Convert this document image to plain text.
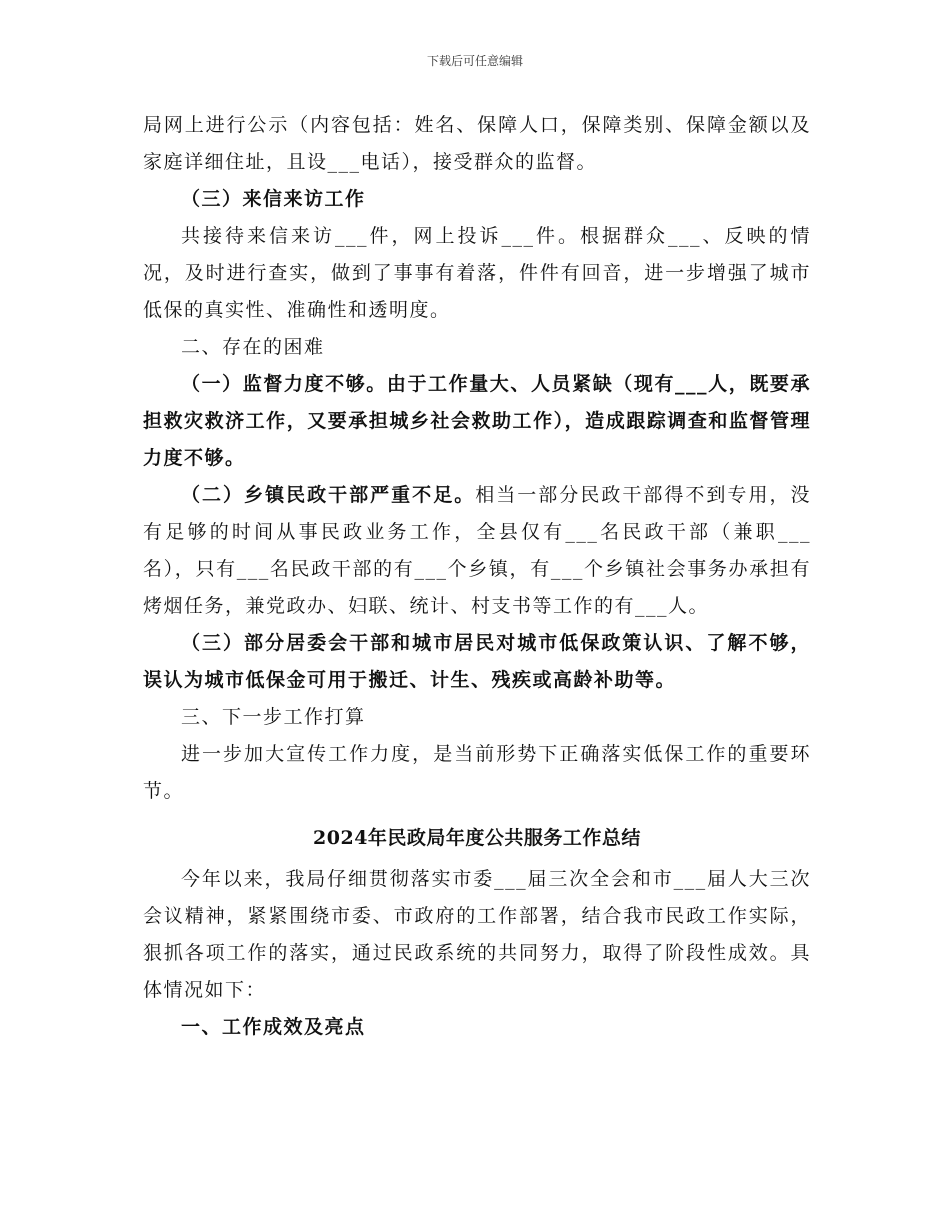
下载后可任意编辑

局网上进行公示（内容包括：姓名、保障人口，保障类别、保障金额以及家庭详细住址，且设___电话），接受群众的监督。

（三）来信来访工作

共接待来信来访___件，网上投诉___件。根据群众___、反映的情况，及时进行查实，做到了事事有着落，件件有回音，进一步增强了城市低保的真实性、准确性和透明度。

二、存在的困难

（一）监督力度不够。由于工作量大、人员紧缺（现有___人，既要承担救灾救济工作，又要承担城乡社会救助工作），造成跟踪调查和监督管理力度不够。

（二）乡镇民政干部严重不足。相当一部分民政干部得不到专用，没有足够的时间从事民政业务工作，全县仅有___名民政干部（兼职___名），只有___名民政干部的有___个乡镇，有___个乡镇社会事务办承担有烤烟任务，兼党政办、妇联、统计、村支书等工作的有___人。

（三）部分居委会干部和城市居民对城市低保政策认识、了解不够，误认为城市低保金可用于搬迁、计生、残疾或高龄补助等。

三、下一步工作打算

进一步加大宣传工作力度，是当前形势下正确落实低保工作的重要环节。

2024年民政局年度公共服务工作总结

今年以来，我局仔细贯彻落实市委___届三次全会和市___届人大三次会议精神，紧紧围绕市委、市政府的工作部署，结合我市民政工作实际，狠抓各项工作的落实，通过民政系统的共同努力，取得了阶段性成效。具体情况如下：

一、工作成效及亮点
